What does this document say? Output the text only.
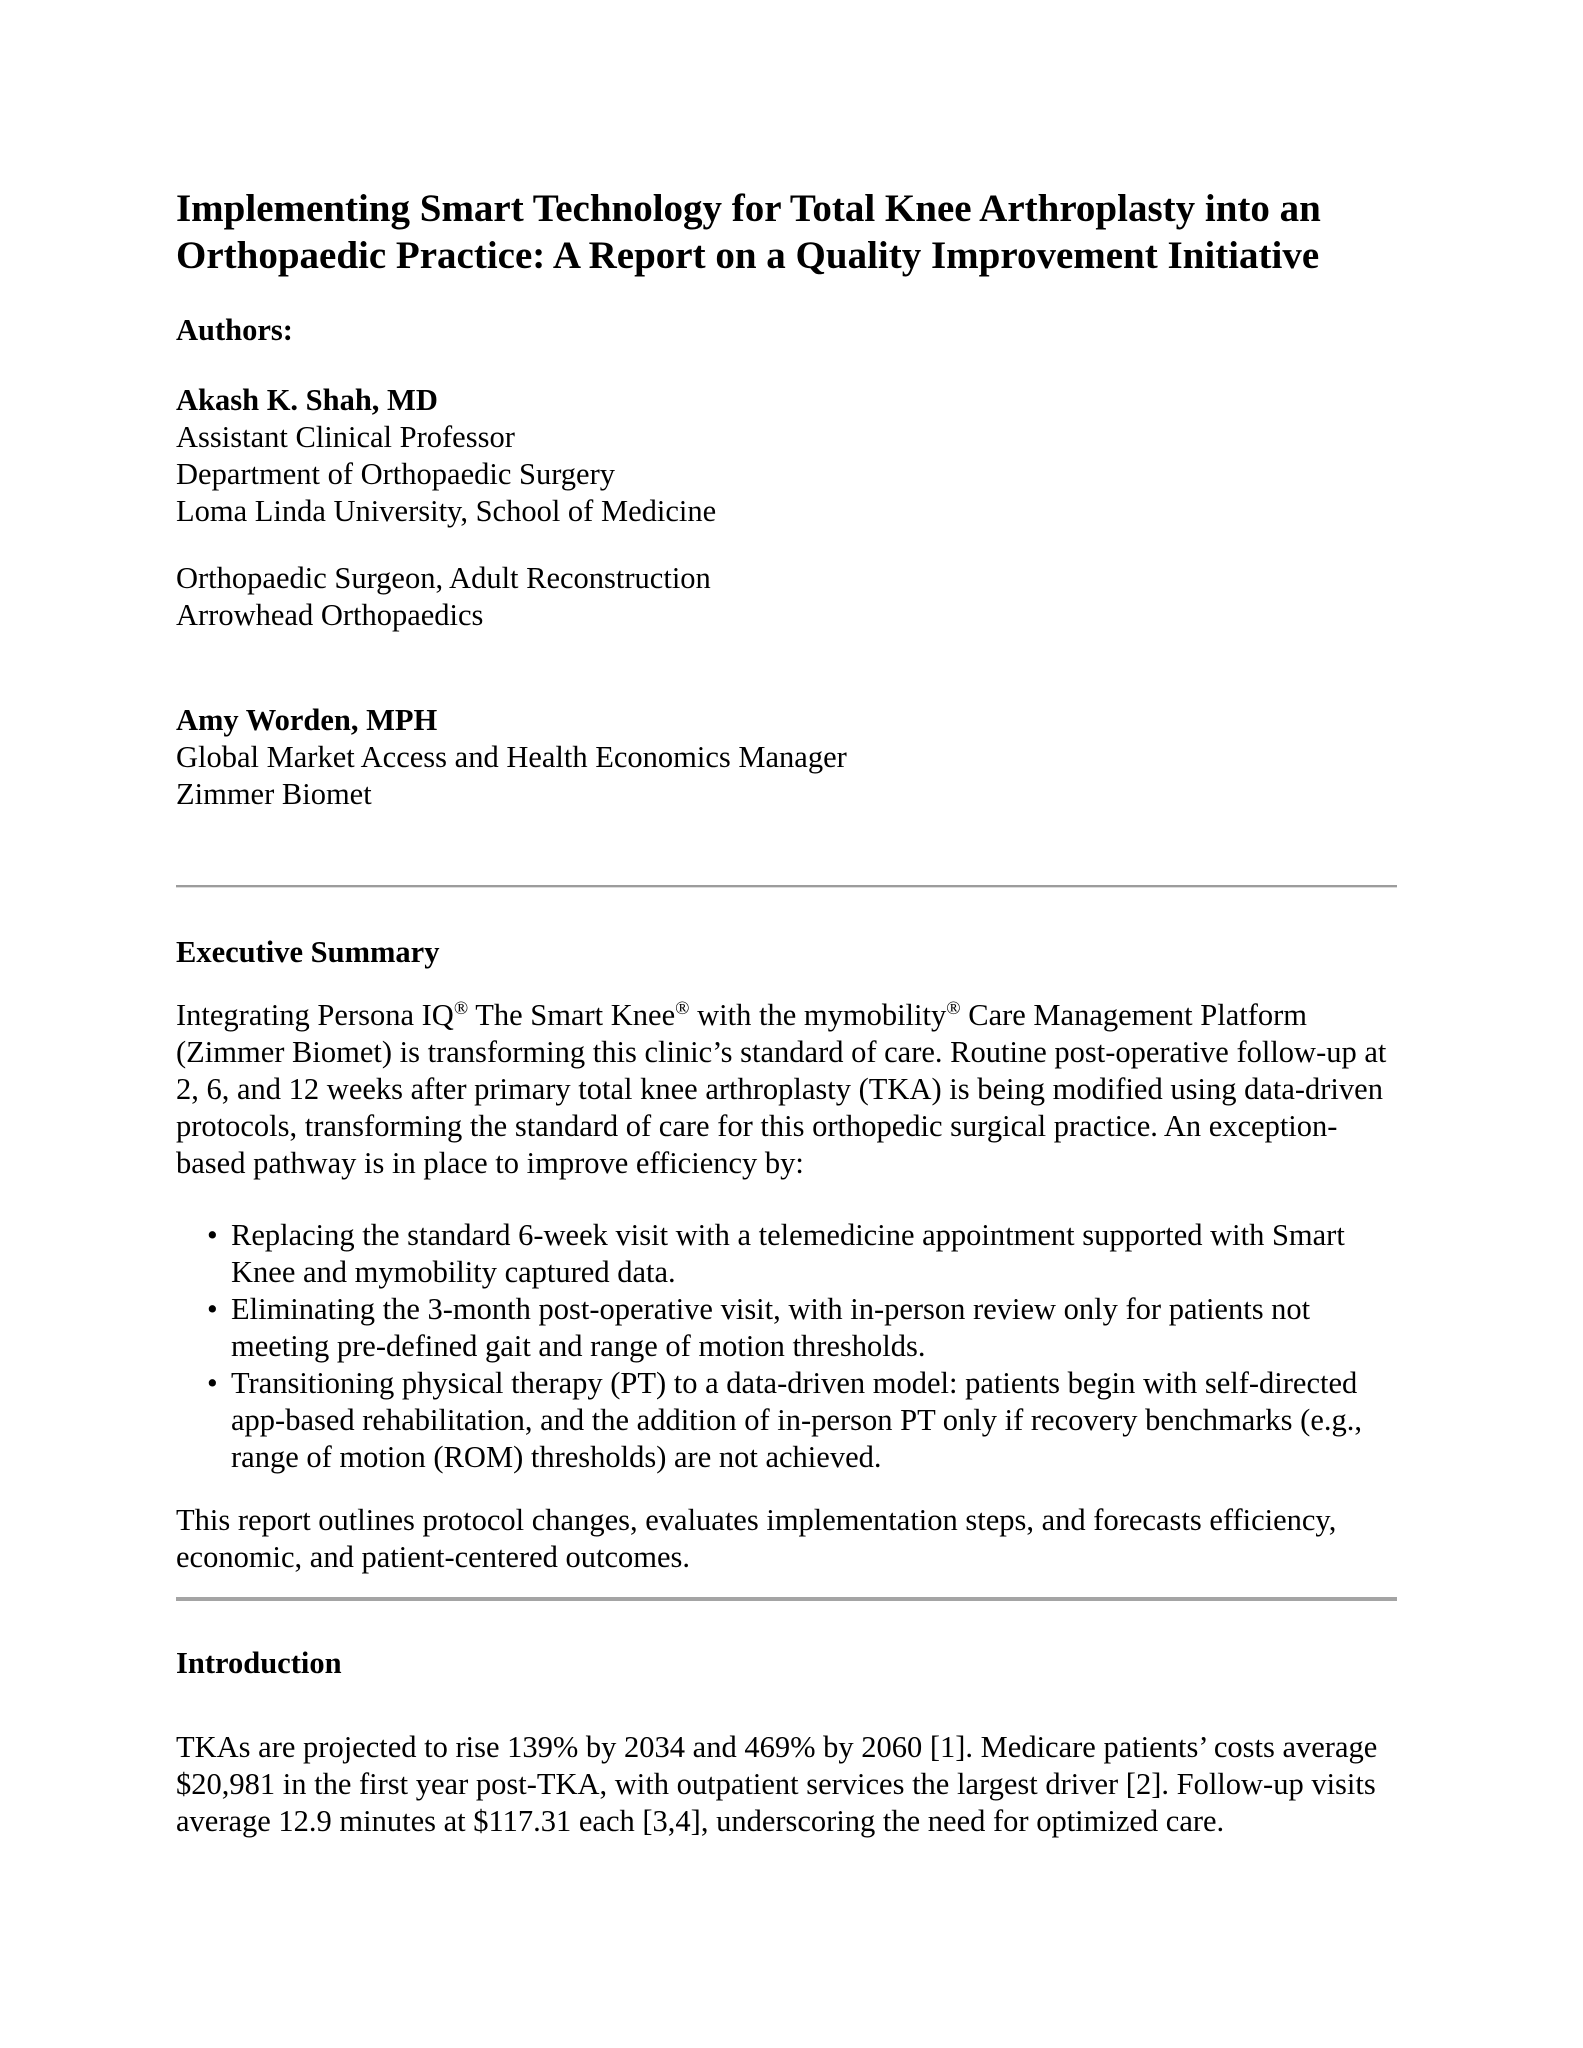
Implementing Smart Technology for Total Knee Arthroplasty into an Orthopaedic Practice: A Report on a Quality Improvement Initiative

Authors:

Akash K. Shah, MD

Assistant Clinical Professor

Department of Orthopaedic Surgery

Loma Linda University, School of Medicine

Orthopaedic Surgeon, Adult Reconstruction

Arrowhead Orthopaedics

Amy Worden, MPH

Global Market Access and Health Economics Manager

Zimmer Biomet

Executive Summary

Integrating Persona IQ® The Smart Knee® with the mymobility® Care Management Platform (Zimmer Biomet) is transforming this clinic’s standard of care. Routine post-operative follow-up at 2, 6, and 12 weeks after primary total knee arthroplasty (TKA) is being modified using data-driven protocols, transforming the standard of care for this orthopedic surgical practice. An exception-based pathway is in place to improve efficiency by:

• Replacing the standard 6-week visit with a telemedicine appointment supported with Smart Knee and mymobility captured data.
• Eliminating the 3-month post-operative visit, with in-person review only for patients not meeting pre-defined gait and range of motion thresholds.
• Transitioning physical therapy (PT) to a data-driven model: patients begin with self-directed app-based rehabilitation, and the addition of in-person PT only if recovery benchmarks (e.g., range of motion (ROM) thresholds) are not achieved.

This report outlines protocol changes, evaluates implementation steps, and forecasts efficiency, economic, and patient-centered outcomes.

Introduction

TKAs are projected to rise 139% by 2034 and 469% by 2060 [1]. Medicare patients’ costs average $20,981 in the first year post-TKA, with outpatient services the largest driver [2]. Follow-up visits average 12.9 minutes at $117.31 each [3,4], underscoring the need for optimized care.
